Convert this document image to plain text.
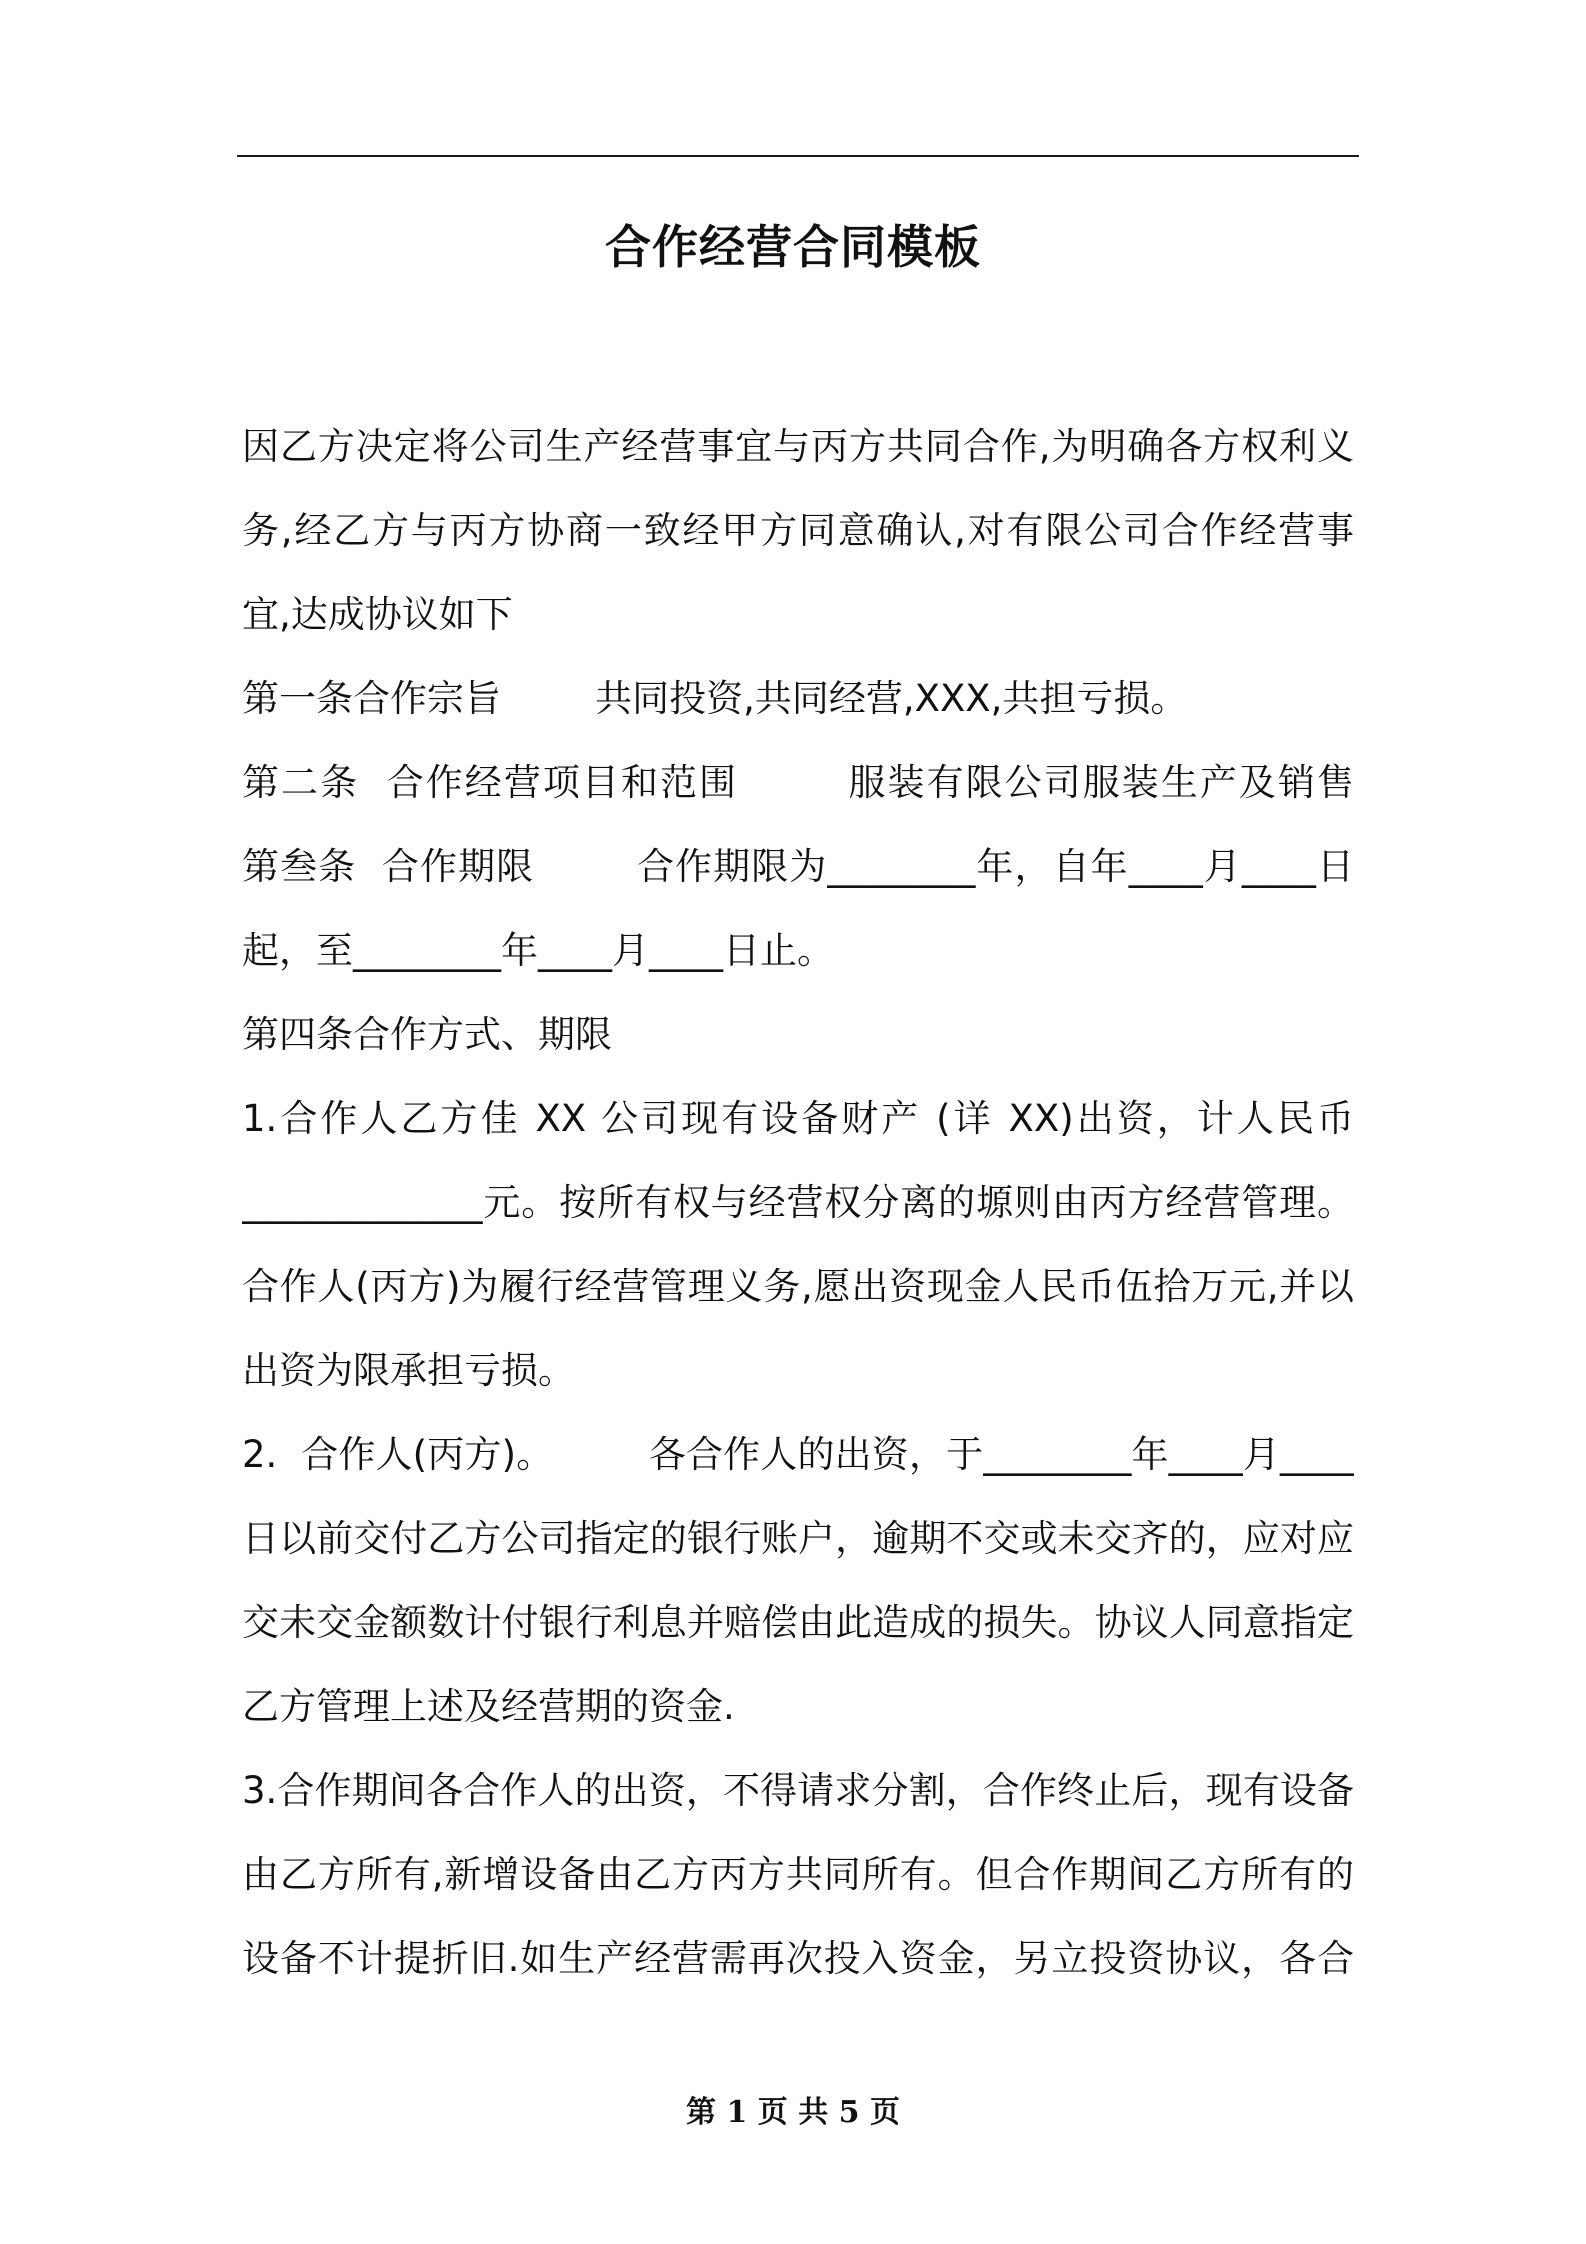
合作经营合同模板
因乙方决定将公司生产经营事宜与丙方共同合作,为明确各方权利义
务,经乙方与丙方协商一致经甲方同意确认,对有限公司合作经营事
宜,达成协议如下
第一条合作宗旨        共同投资,共同经营,XXX,共担亏损。
第二条  合作经营项目和范围        服装有限公司服装生产及销售
第叁条  合作期限        合作期限为________年，自年____月____日
起，至________年____月____日止。
第四条合作方式、期限
1.合作人乙方佳 XX 公司现有设备财产 (详 XX)出资，计人民币
_____________元。按所有权与经营权分离的塬则由丙方经营管理。
合作人(丙方)为履行经营管理义务,愿出资现金人民币伍拾万元,并以
出资为限承担亏损。
2.  合作人(丙方)。        各合作人的出资，于________年____月____
日以前交付乙方公司指定的银行账户，逾期不交或未交齐的，应对应
交未交金额数计付银行利息并赔偿由此造成的损失。协议人同意指定
乙方管理上述及经营期的资金.
3.合作期间各合作人的出资，不得请求分割，合作终止后，现有设备
由乙方所有,新增设备由乙方丙方共同所有。但合作期间乙方所有的
设备不计提折旧.如生产经营需再次投入资金，另立投资协议，各合
第 1 页 共 5 页
